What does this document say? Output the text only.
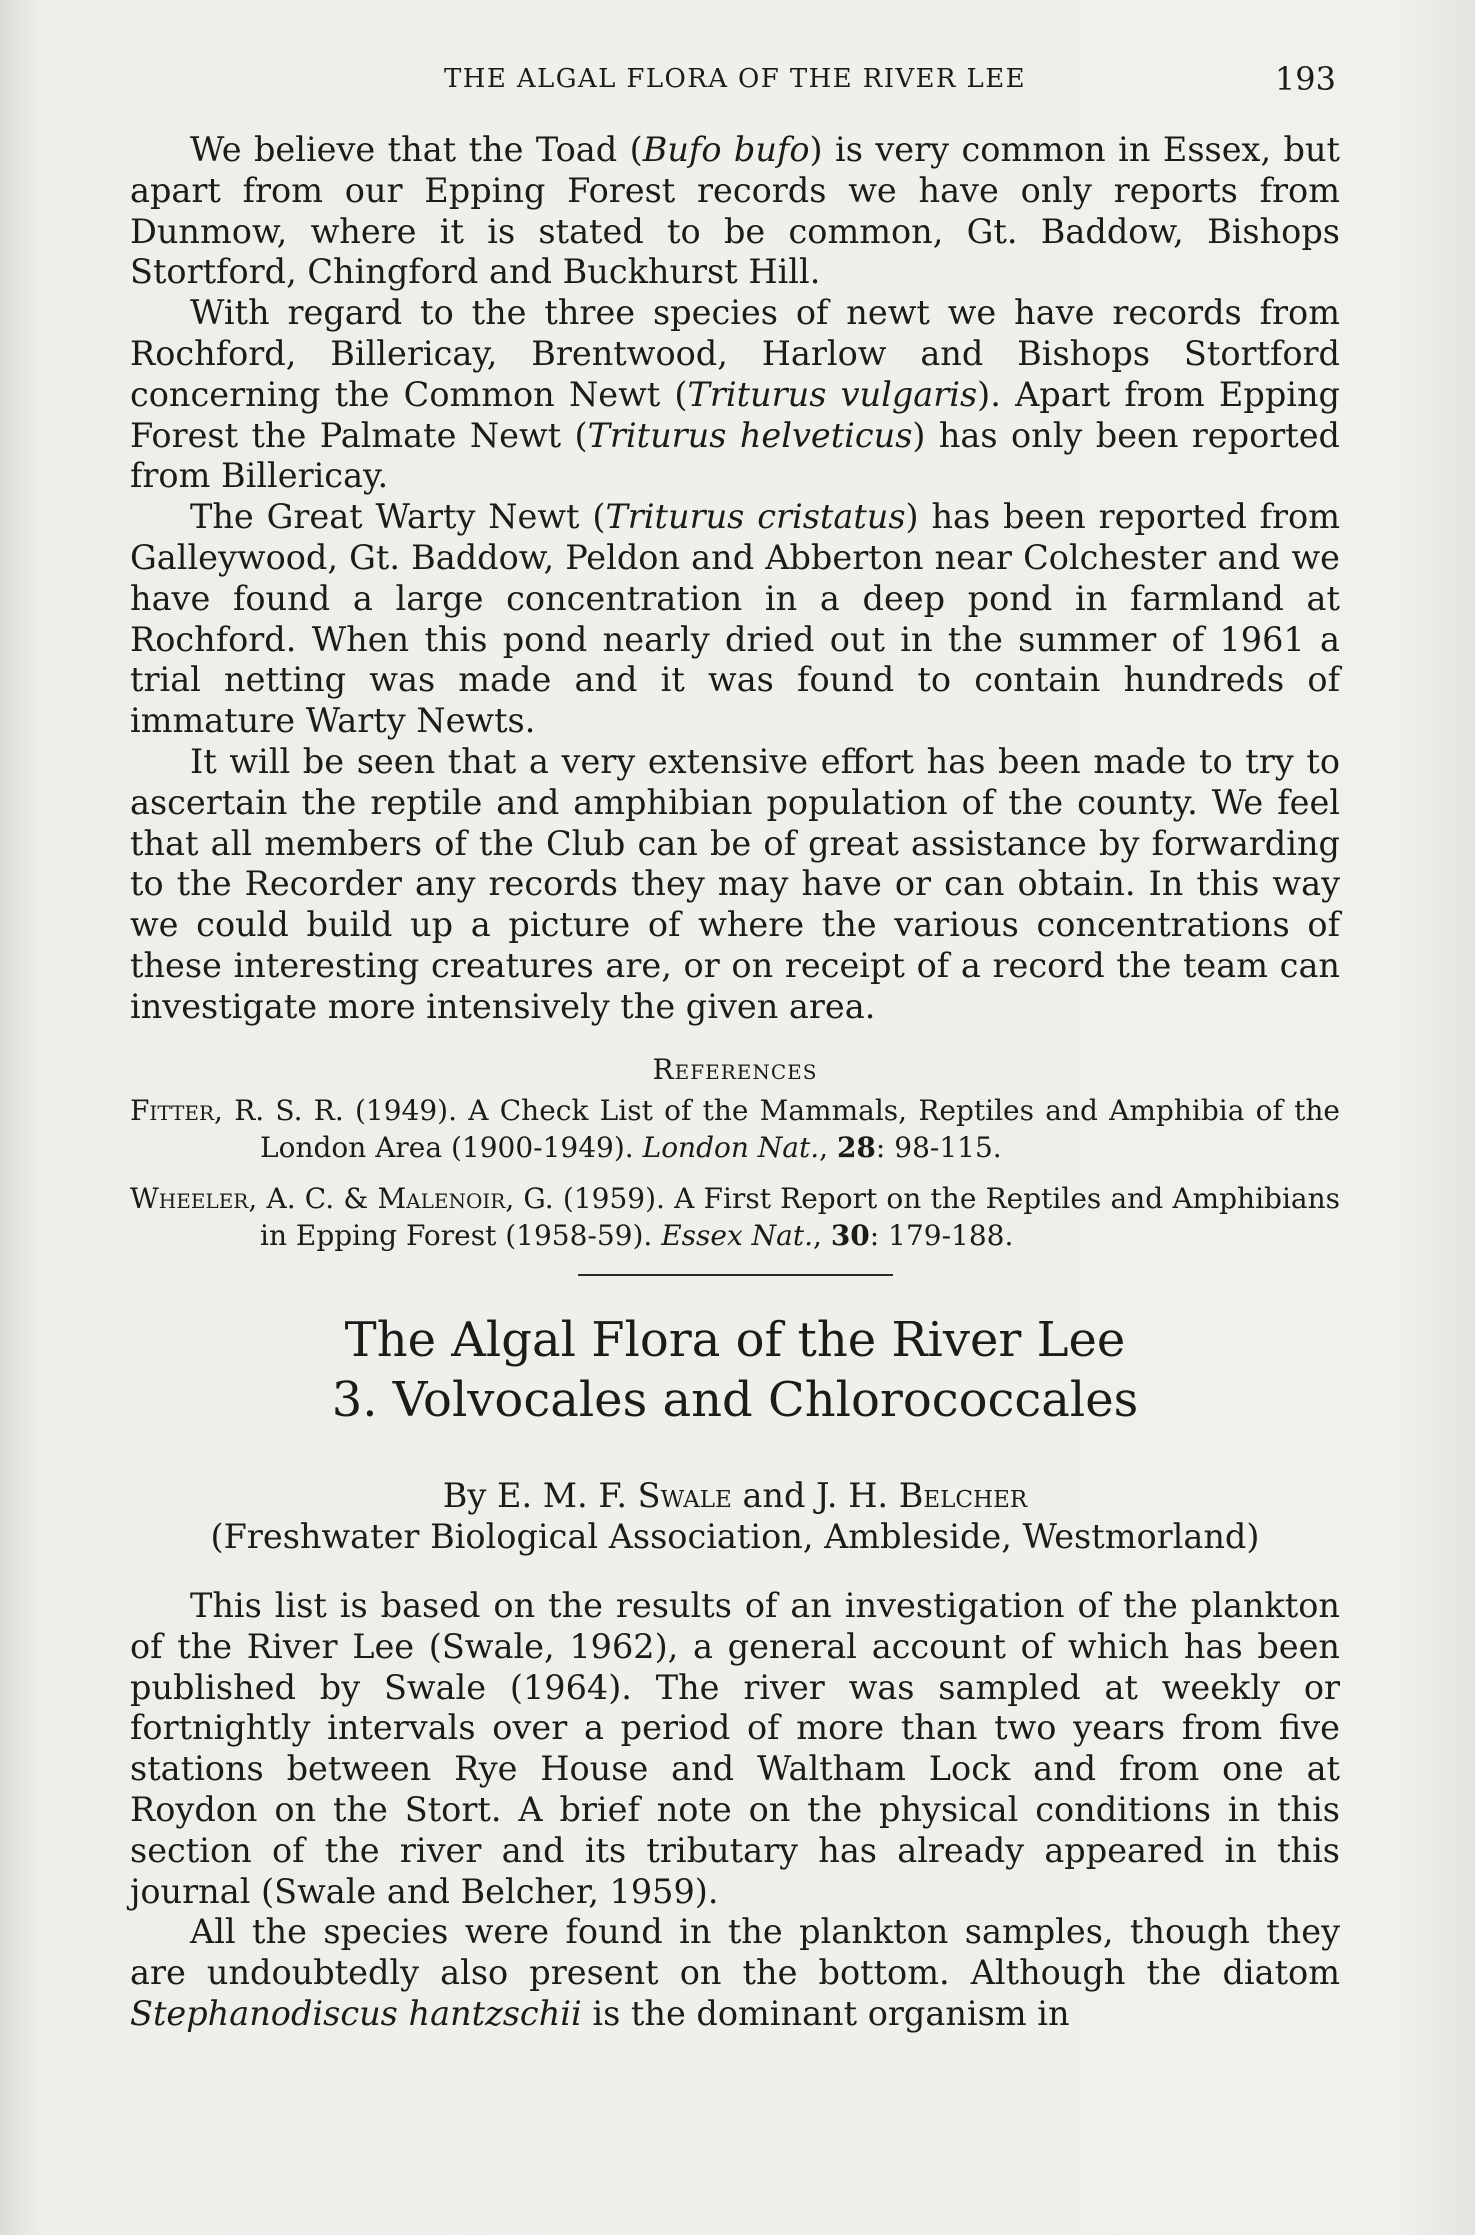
THE ALGAL FLORA OF THE RIVER LEE	193

We believe that the Toad (Bufo bufo) is very common in Essex, but apart from our Epping Forest records we have only reports from Dunmow, where it is stated to be common, Gt. Baddow, Bishops Stortford, Chingford and Buckhurst Hill.

With regard to the three species of newt we have records from Rochford, Billericay, Brentwood, Harlow and Bishops Stortford concerning the Common Newt (Triturus vulgaris). Apart from Epping Forest the Palmate Newt (Triturus helveticus) has only been reported from Billericay.

The Great Warty Newt (Triturus cristatus) has been reported from Galleywood, Gt. Baddow, Peldon and Abberton near Colchester and we have found a large concentration in a deep pond in farmland at Rochford. When this pond nearly dried out in the summer of 1961 a trial netting was made and it was found to contain hundreds of immature Warty Newts.

It will be seen that a very extensive effort has been made to try to ascertain the reptile and amphibian population of the county. We feel that all members of the Club can be of great assistance by forwarding to the Recorder any records they may have or can obtain. In this way we could build up a picture of where the various concentrations of these interesting creatures are, or on receipt of a record the team can investigate more intensively the given area.

References
Fitter, R. S. R. (1949). A Check List of the Mammals, Reptiles and Amphibia of the London Area (1900-1949). London Nat., 28: 98-115.
Wheeler, A. C. & Malenoir, G. (1959). A First Report on the Reptiles and Amphibians in Epping Forest (1958-59). Essex Nat., 30: 179-188.
The Algal Flora of the River Lee
3. Volvocales and Chlorococcales
By E. M. F. Swale and J. H. Belcher
(Freshwater Biological Association, Ambleside, Westmorland)

This list is based on the results of an investigation of the plankton of the River Lee (Swale, 1962), a general account of which has been published by Swale (1964). The river was sampled at weekly or fortnightly intervals over a period of more than two years from five stations between Rye House and Waltham Lock and from one at Roydon on the Stort. A brief note on the physical conditions in this section of the river and its tributary has already appeared in this journal (Swale and Belcher, 1959).

All the species were found in the plankton samples, though they are undoubtedly also present on the bottom. Although the diatom Stephanodiscus hantzschii is the dominant organism in
